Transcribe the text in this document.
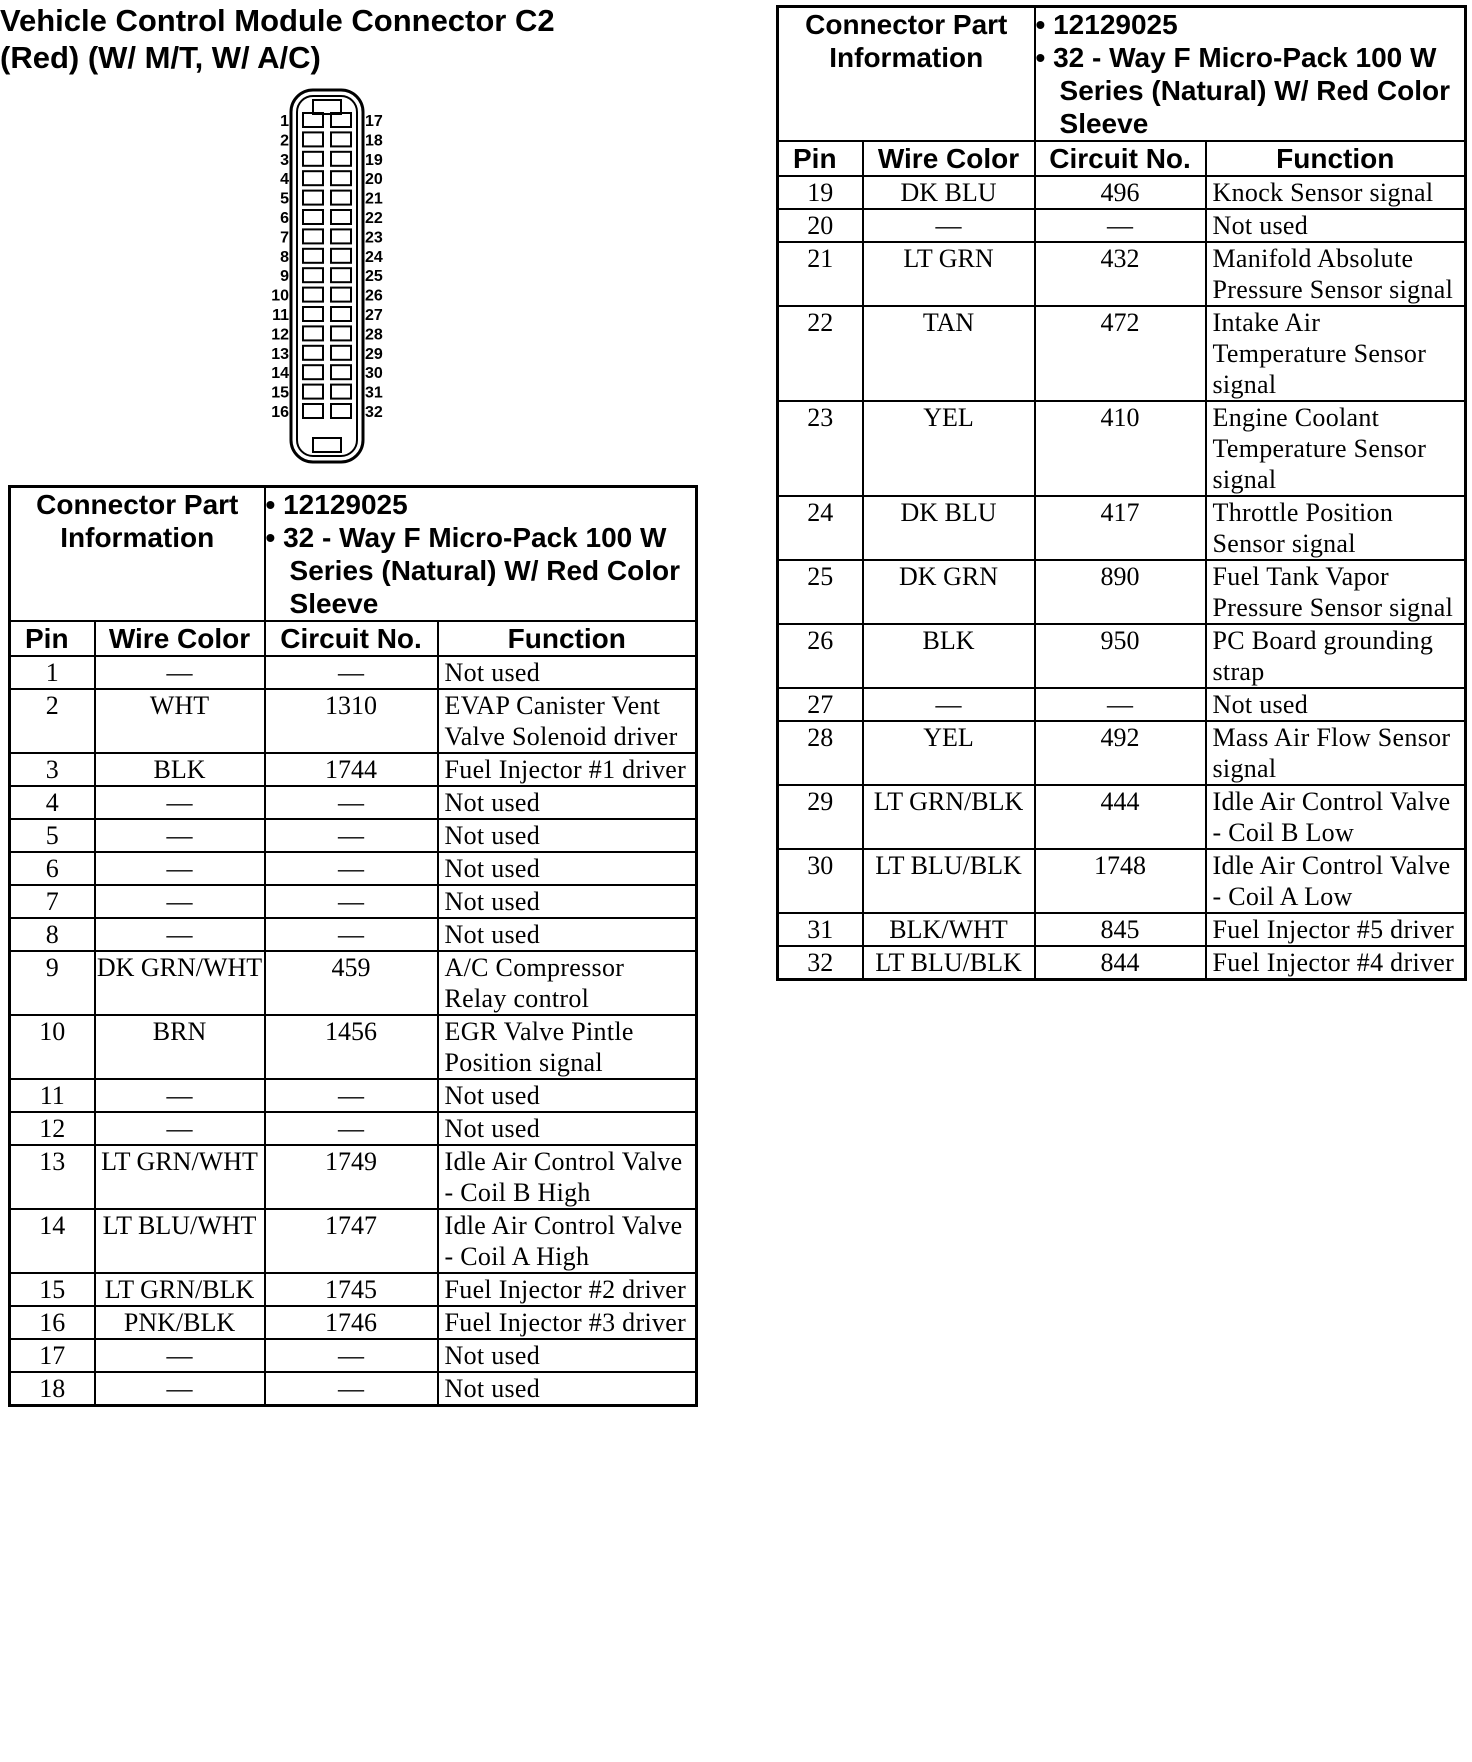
Vehicle Control Module Connector C2
(Red) (W/ M/T, W/ A/C)
1	17
2	18
3	19
4	20
5	21
6	22
7	23
8	24
9	25
10	26
11	27
12	28
13	29
14	30
15	31
16	32
Connector Part Information		• 12129025
• 32 - Way F Micro-Pack 100 W Series (Natural) W/ Red Color Sleeve	

Pin	Wire Color	Circuit No.	Function
1	—	—	Not used
2	WHT	1310	EVAP Canister Vent Valve Solenoid driver
3	BLK	1744	Fuel Injector #1 driver
4	—	—	Not used
5	—	—	Not used
6	—	—	Not used
7	—	—	Not used
8	—	—	Not used
9	DK GRN/WHT	459	A/C Compressor Relay control
10	BRN	1456	EGR Valve Pintle Position signal
11	—	—	Not used
12	—	—	Not used
13	LT GRN/WHT	1749	Idle Air Control Valve - Coil B High
14	LT BLU/WHT	1747	Idle Air Control Valve - Coil A High
15	LT GRN/BLK	1745	Fuel Injector #2 driver
16	PNK/BLK	1746	Fuel Injector #3 driver
17	—	—	Not used
18	—	—	Not used
Connector Part Information		• 12129025
• 32 - Way F Micro-Pack 100 W Series (Natural) W/ Red Color Sleeve	

Pin	Wire Color	Circuit No.	Function
19	DK BLU	496	Knock Sensor signal
20	—	—	Not used
21	LT GRN	432	Manifold Absolute Pressure Sensor signal
22	TAN	472	Intake Air Temperature Sensor signal
23	YEL	410	Engine Coolant Temperature Sensor signal
24	DK BLU	417	Throttle Position Sensor signal
25	DK GRN	890	Fuel Tank Vapor Pressure Sensor signal
26	BLK	950	PC Board grounding strap
27	—	—	Not used
28	YEL	492	Mass Air Flow Sensor signal
29	LT GRN/BLK	444	Idle Air Control Valve - Coil B Low
30	LT BLU/BLK	1748	Idle Air Control Valve - Coil A Low
31	BLK/WHT	845	Fuel Injector #5 driver
32	LT BLU/BLK	844	Fuel Injector #4 driver
